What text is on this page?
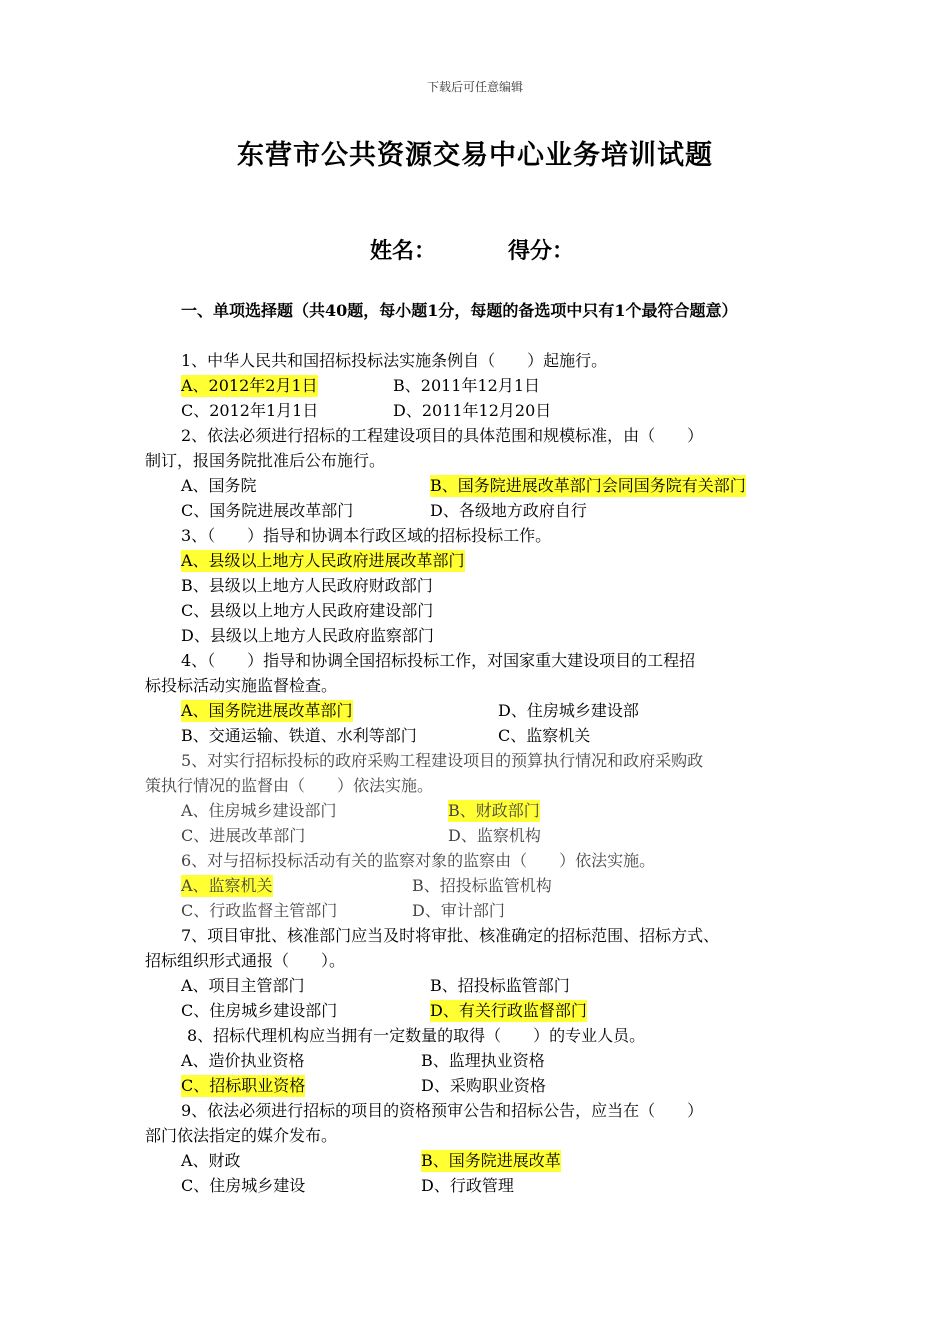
下载后可任意编辑
东营市公共资源交易中心业务培训试题
姓名：	得分：
一、单项选择题（共40题，每小题1分，每题的备选项中只有1个最符合题意）
1、中华人民共和国招标投标法实施条例自（　　）起施行。
A、2012年2月1日	B、2011年12月1日
C、2012年1月1日	D、2011年12月20日
2、依法必须进行招标的工程建设项目的具体范围和规模标准，由（　　）
制订，报国务院批准后公布施行。
A、国务院	B、国务院进展改革部门会同国务院有关部门
C、国务院进展改革部门	D、各级地方政府自行
3、（　　）指导和协调本行政区域的招标投标工作。
A、县级以上地方人民政府进展改革部门
B、县级以上地方人民政府财政部门
C、县级以上地方人民政府建设部门
D、县级以上地方人民政府监察部门
4、（　　）指导和协调全国招标投标工作，对国家重大建设项目的工程招
标投标活动实施监督检查。
A、国务院进展改革部门	D、住房城乡建设部
B、交通运输、铁道、水利等部门	C、监察机关
5、对实行招标投标的政府采购工程建设项目的预算执行情况和政府采购政
策执行情况的监督由（　　）依法实施。
A、住房城乡建设部门	B、财政部门
C、进展改革部门	D、监察机构
6、对与招标投标活动有关的监察对象的监察由（　　）依法实施。
A、监察机关	B、招投标监管机构
C、行政监督主管部门	D、审计部门
7、项目审批、核准部门应当及时将审批、核准确定的招标范围、招标方式、
招标组织形式通报（　　）。
A、项目主管部门	B、招投标监管部门
C、住房城乡建设部门	D、有关行政监督部门
8、招标代理机构应当拥有一定数量的取得（　　）的专业人员。
A、造价执业资格	B、监理执业资格
C、招标职业资格	D、采购职业资格
9、依法必须进行招标的项目的资格预审公告和招标公告，应当在（　　）
部门依法指定的媒介发布。
A、财政	B、国务院进展改革
C、住房城乡建设	D、行政管理
